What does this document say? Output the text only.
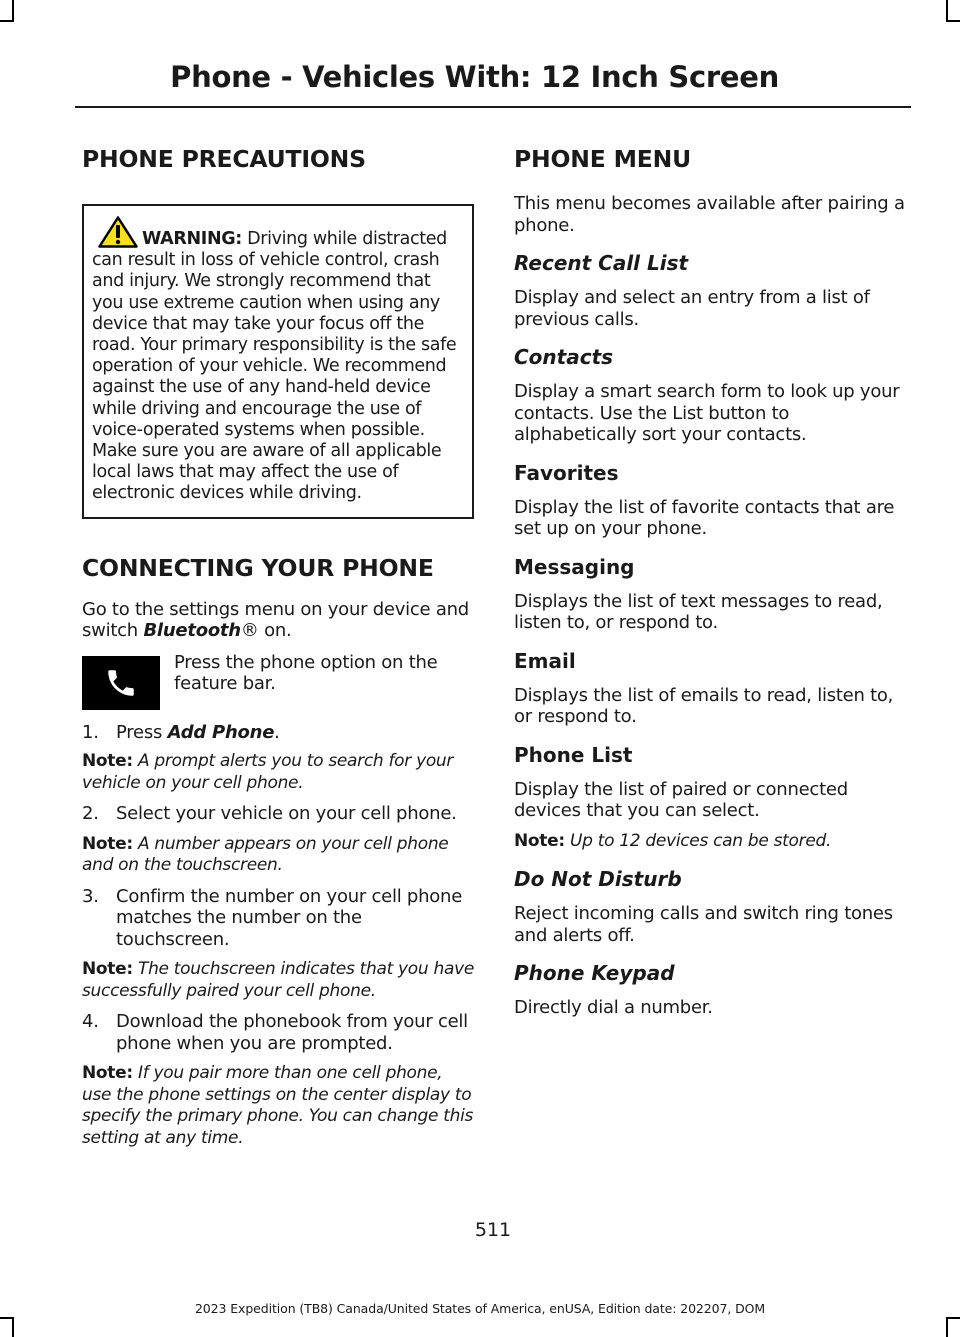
Phone - Vehicles With: 12 Inch Screen
PHONE PRECAUTIONS
WARNING: Driving while distracted can result in loss of vehicle control, crash and injury. We strongly recommend that you use extreme caution when using any device that may take your focus off the road. Your primary responsibility is the safe operation of your vehicle. We recommend against the use of any hand-held device while driving and encourage the use of voice-operated systems when possible. Make sure you are aware of all applicable local laws that may affect the use of electronic devices while driving.
CONNECTING YOUR PHONE

Go to the settings menu on your device and switch Bluetooth® on.

Press the phone option on the feature bar.

1. Press Add Phone.

Note: A prompt alerts you to search for your vehicle on your cell phone.

2. Select your vehicle on your cell phone.

Note: A number appears on your cell phone and on the touchscreen.

3. Confirm the number on your cell phone matches the number on the touchscreen.

Note: The touchscreen indicates that you have successfully paired your cell phone.

4. Download the phonebook from your cell phone when you are prompted.

Note: If you pair more than one cell phone, use the phone settings on the center display to specify the primary phone. You can change this setting at any time.

PHONE MENU

This menu becomes available after pairing a phone.

Recent Call List

Display and select an entry from a list of previous calls.

Contacts

Display a smart search form to look up your contacts. Use the List button to alphabetically sort your contacts.

Favorites

Display the list of favorite contacts that are set up on your phone.

Messaging

Displays the list of text messages to read, listen to, or respond to.

Email

Displays the list of emails to read, listen to, or respond to.

Phone List

Display the list of paired or connected devices that you can select.

Note: Up to 12 devices can be stored.

Do Not Disturb

Reject incoming calls and switch ring tones and alerts off.

Phone Keypad

Directly dial a number.

511
2023 Expedition (TB8) Canada/United States of America, enUSA, Edition date: 202207, DOM
